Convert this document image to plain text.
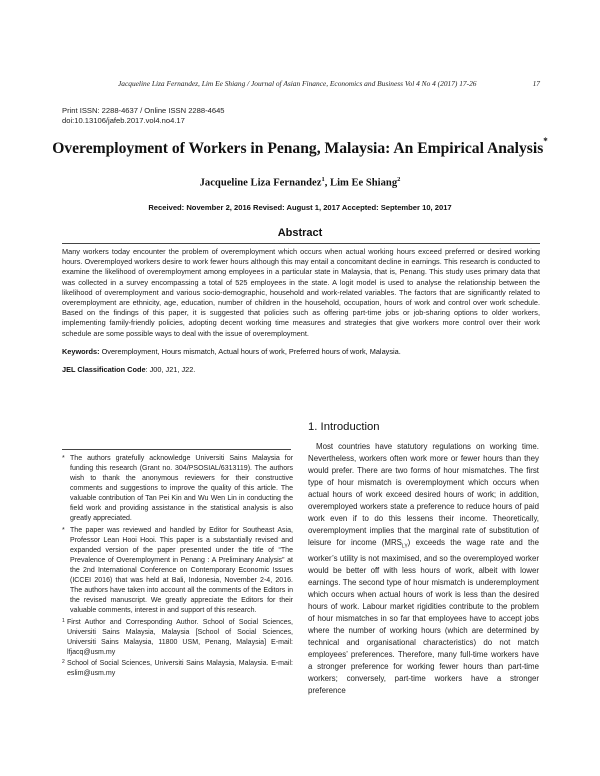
Jacqueline Liza Fernandez, Lim Ee Shiang / Journal of Asian Finance, Economics and Business Vol 4 No 4 (2017) 17-26	17
Print ISSN: 2288-4637 / Online ISSN 2288-4645
doi:10.13106/jafeb.2017.vol4.no4.17
Overemployment of Workers in Penang, Malaysia: An Empirical Analysis*
Jacqueline Liza Fernandez$^1$, Lim Ee Shiang$^2$
Received: November 2, 2016 Revised: August 1, 2017 Accepted: September 10, 2017
Abstract
Many workers today encounter the problem of overemployment which occurs when actual working hours exceed preferred or desired working hours. Overemployed workers desire to work fewer hours although this may entail a concomitant decline in earnings. This research is conducted to examine the likelihood of overemployment among employees in a particular state in Malaysia, that is, Penang. This study uses primary data that was collected in a survey encompassing a total of 525 employees in the state. A logit model is used to analyse the relationship between the likelihood of overemployment and various socio-demographic, household and work-related variables. The factors that are significantly related to overemployment are ethnicity, age, education, number of children in the household, occupation, hours of work and control over work schedule. Based on the findings of this paper, it is suggested that policies such as offering part-time jobs or job-sharing options to older workers, implementing family-friendly policies, adopting decent working time measures and strategies that give workers more control over their work schedule are some possible ways to deal with the issue of overemployment.
Keywords: Overemployment, Hours mismatch, Actual hours of work, Preferred hours of work, Malaysia.
JEL Classification Code: J00, J21, J22.
* The authors gratefully acknowledge Universiti Sains Malaysia for funding this research (Grant no. 304/PSOSIAL/6313119). The authors wish to thank the anonymous reviewers for their constructive comments and suggestions to improve the quality of this article. The valuable contribution of Tan Pei Kin and Wu Wen Lin in conducting the field work and providing assistance in the statistical analysis is also greatly appreciated.
* The paper was reviewed and handled by Editor for Southeast Asia, Professor Lean Hooi Hooi. This paper is a substantially revised and expanded version of the paper presented under the title of “The Prevalence of Overemployment in Penang : A Preliminary Analysis” at the 2nd International Conference on Contemporary Economic Issues (ICCEI 2016) that was held at Bali, Indonesia, November 2-4, 2016. The authors have taken into account all the comments of the Editors in the revised manuscript. We greatly appreciate the Editors for their valuable comments, interest in and support of this research.
1 First Author and Corresponding Author. School of Social Sciences, Universiti Sains Malaysia, Malaysia [School of Social Sciences, Universiti Sains Malaysia, 11800 USM, Penang, Malaysia] E-mail: lfjacq@usm.my
2 School of Social Sciences, Universiti Sains Malaysia, Malaysia. E-mail: eslim@usm.my
1. Introduction
Most countries have statutory regulations on working time. Nevertheless, workers often work more or fewer hours than they would prefer. There are two forms of hour mismatches. The first type of hour mismatch is overemployment which occurs when actual hours of work exceed desired hours of work; in addition, overemployed workers state a preference to reduce hours of paid work even if to do this lessens their income. Theoretically, overemployment implies that the marginal rate of substitution of leisure for income $(MRS_{LY})$ exceeds the wage rate and the worker’s utility is not maximised, and so the overemployed worker would be better off with less hours of work, albeit with lower earnings. The second type of hour mismatch is underemployment which occurs when actual hours of work is less than the desired hours of work. Labour market rigidities contribute to the problem of hour mismatches in so far that employees have to accept jobs where the number of working hours (which are determined by technical and organisational characteristics) do not match employees’ preferences. Therefore, many full-time workers have a stronger preference for working fewer hours than part-time workers; conversely, part-time workers have a stronger preference
